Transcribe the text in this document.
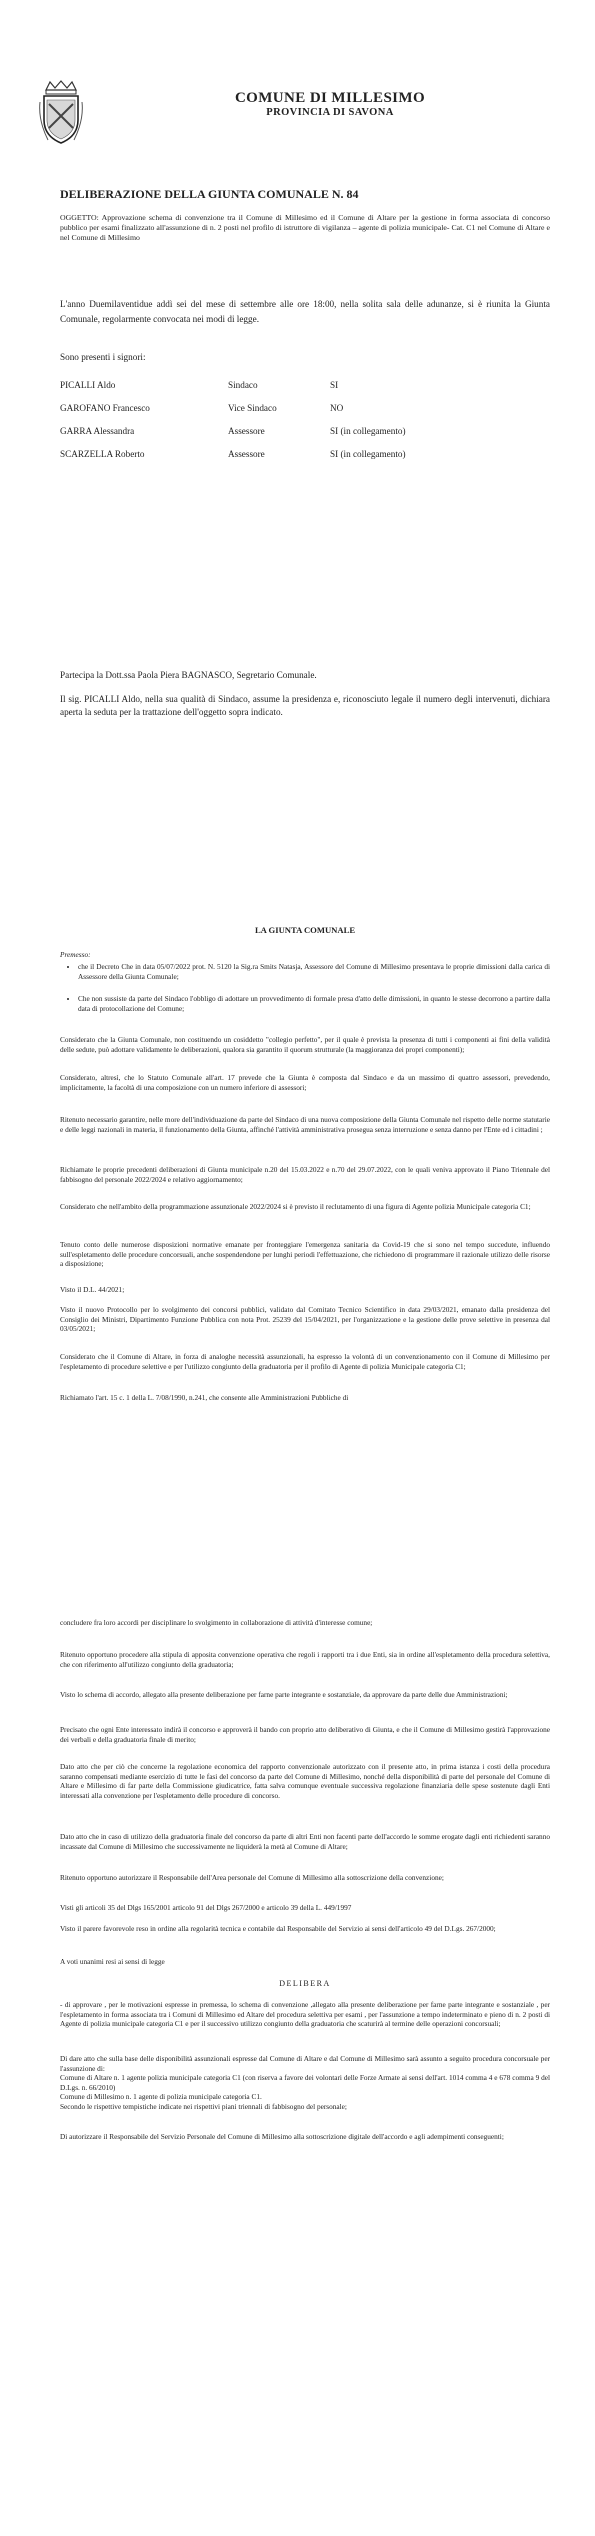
COMUNE DI MILLESIMO
PROVINCIA DI SAVONA
DELIBERAZIONE DELLA GIUNTA COMUNALE N. 84
OGGETTO: Approvazione schema di convenzione tra il Comune di Millesimo ed il Comune di Altare per la gestione in forma associata di concorso pubblico per esami finalizzato all'assunzione di n. 2 posti nel profilo di istruttore di vigilanza – agente di polizia municipale- Cat. C1 nel Comune di Altare e nel Comune di Millesimo
L'anno Duemilaventidue addì sei del mese di settembre alle ore 18:00, nella solita sala delle adunanze, si è riunita la Giunta Comunale, regolarmente convocata nei modi di legge.
Sono presenti i signori:
PICALLI Aldo	Sindaco	SI
GAROFANO Francesco	Vice Sindaco	NO
GARRA Alessandra	Assessore	SI (in collegamento)
SCARZELLA Roberto	Assessore	SI (in collegamento)
Partecipa la Dott.ssa Paola Piera BAGNASCO, Segretario Comunale.
Il sig. PICALLI Aldo, nella sua qualità di Sindaco, assume la presidenza e, riconosciuto legale il numero degli intervenuti, dichiara aperta la seduta per la trattazione dell'oggetto sopra indicato.
LA GIUNTA COMUNALE
Premesso:
• che il Decreto Che in data 05/07/2022 prot. N. 5120 la Sig.ra Smits Natasja, Assessore del Comune di Millesimo presentava le proprie dimissioni dalla carica di Assessore della Giunta Comunale;
• Che non sussiste da parte del Sindaco l'obbligo di adottare un provvedimento di formale presa d'atto delle dimissioni, in quanto le stesse decorrono a partire dalla data di protocollazione del Comune;
Considerato che la Giunta Comunale, non costituendo un cosiddetto "collegio perfetto", per il quale è prevista la presenza di tutti i componenti ai fini della validità delle sedute, può adottare validamente le deliberazioni, qualora sia garantito il quorum strutturale (la maggioranza dei propri componenti);
Considerato, altresì, che lo Statuto Comunale all'art. 17 prevede che la Giunta è composta dal Sindaco e da un massimo di quattro assessori, prevedendo, implicitamente, la facoltà di una composizione con un numero inferiore di assessori;
Ritenuto necessario garantire, nelle more dell'individuazione da parte del Sindaco di una nuova composizione della Giunta Comunale nel rispetto delle norme statutarie e delle leggi nazionali in materia, il funzionamento della Giunta, affinché l'attività amministrativa prosegua senza interruzione e senza danno per l'Ente ed i cittadini ;
Richiamate le proprie precedenti deliberazioni di Giunta municipale n.20 del 15.03.2022 e n.70 del 29.07.2022, con le quali veniva approvato il Piano Triennale del fabbisogno del personale 2022/2024 e relativo aggiornamento;
Considerato che nell'ambito della programmazione assunzionale 2022/2024 si è previsto il reclutamento di una figura di Agente polizia Municipale categoria C1;
Tenuto conto delle numerose disposizioni normative emanate per fronteggiare l'emergenza sanitaria da Covid-19 che si sono nel tempo succedute, influendo sull'espletamento delle procedure concorsuali, anche sospendendone per lunghi periodi l'effettuazione, che richiedono di programmare il razionale utilizzo delle risorse a disposizione;
Visto il D.L. 44/2021;
Visto il nuovo Protocollo per lo svolgimento dei concorsi pubblici, validato dal Comitato Tecnico Scientifico in data 29/03/2021, emanato dalla presidenza del Consiglio dei Ministri, Dipartimento Funzione Pubblica con nota Prot. 25239 del 15/04/2021, per l'organizzazione e la gestione delle prove selettive in presenza dal 03/05/2021;
Considerato che il Comune di Altare, in forza di analoghe necessità assunzionali, ha espresso la volontà di un convenzionamento con il Comune di Millesimo per l'espletamento di procedure selettive e per l'utilizzo congiunto della graduatoria per il profilo di Agente di polizia Municipale categoria C1;
Richiamato l'art. 15 c. 1 della L. 7/08/1990, n.241, che consente alle Amministrazioni Pubbliche di
concludere fra loro accordi per disciplinare lo svolgimento in collaborazione di attività d'interesse comune;
Ritenuto opportuno procedere alla stipula di apposita convenzione operativa che regoli i rapporti tra i due Enti, sia in ordine all'espletamento della procedura selettiva, che con riferimento all'utilizzo congiunto della graduatoria;
Visto lo schema di accordo, allegato alla presente deliberazione per farne parte integrante e sostanziale, da approvare da parte delle due Amministrazioni;
Precisato che ogni Ente interessato indirà il concorso e approverà il bando con proprio atto deliberativo di Giunta, e che il Comune di Millesimo gestirà l'approvazione dei verbali e della graduatoria finale di merito;
Dato atto che per ciò che concerne la regolazione economica del rapporto convenzionale autorizzato con il presente atto, in prima istanza i costi della procedura saranno compensati mediante esercizio di tutte le fasi del concorso da parte del Comune di Millesimo, nonché della disponibilità di parte del personale del Comune di Altare e Millesimo di far parte della Commissione giudicatrice, fatta salva comunque eventuale successiva regolazione finanziaria delle spese sostenute dagli Enti interessati alla convenzione per l'espletamento delle procedure di concorso.
Dato atto che in caso di utilizzo della graduatoria finale del concorso da parte di altri Enti non facenti parte dell'accordo le somme erogate dagli enti richiedenti saranno incassate dal Comune di Millesimo che successivamente ne liquiderà la metà al Comune di Altare;
Ritenuto opportuno autorizzare il Responsabile dell'Area personale del Comune di Millesimo alla sottoscrizione della convenzione;
Visti gli articoli 35 del Dlgs 165/2001 articolo 91 del Dlgs 267/2000 e articolo 39 della L. 449/1997
Visto il parere favorevole reso in ordine alla regolarità tecnica e contabile dal Responsabile del Servizio ai sensi dell'articolo 49 del D.Lgs. 267/2000;
A voti unanimi resi ai sensi di legge
DELIBERA
- di approvare , per le motivazioni espresse in premessa, lo schema di convenzione ,allegato alla presente deliberazione per farne parte integrante e sostanziale , per l'espletamento in forma associata tra i Comuni di Millesimo ed Altare del procedura selettiva per esami , per l'assunzione a tempo indeterminato e pieno di n. 2 posti di Agente di polizia municipale categoria C1 e per il successivo utilizzo congiunto della graduatoria che scaturirà al termine delle operazioni concorsuali;
Di dare atto che sulla base delle disponibilità assunzionali espresse dal Comune di Altare e dal Comune di Millesimo sarà assunto a seguito procedura concorsuale per l'assunzione di:
Comune di Altare n. 1 agente polizia municipale categoria C1 (con riserva a favore dei volontari delle Forze Armate ai sensi dell'art. 1014 comma 4 e 678 comma 9 del D.Lgs. n. 66/2010)
Comune di Millesimo n. 1 agente di polizia municipale categoria C1.
Secondo le rispettive tempistiche indicate nei rispettivi piani triennali di fabbisogno del personale;
Di autorizzare il Responsabile del Servizio Personale del Comune di Millesimo alla sottoscrizione digitale dell'accordo e agli adempimenti conseguenti;
